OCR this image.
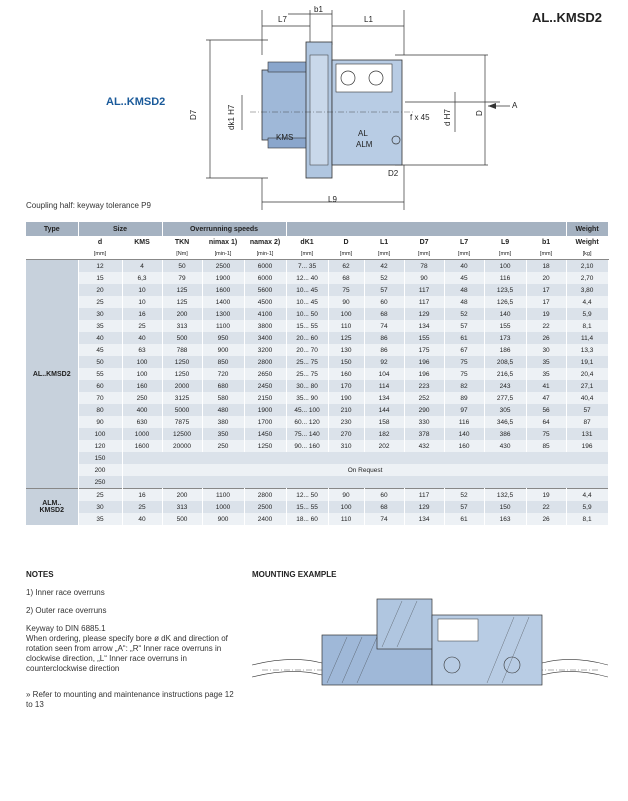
AL..KMSD2
AL..KMSD2
L7
b1
L1
D7	dk1 H7	d H7	D
A
f x 45
KMS	AL
ALM
D2
L9
Coupling half: keyway tolerance P9
Type	Size		Overrunning speeds										Weight
	d	KMS	TKN	nimax 1)	namax 2)	dK1	D	L1	D7	L7	L9	b1	Weight
	[mm]		[Nm]	[min-1]	[min-1]	[mm]	[mm]	[mm]	[mm]	[mm]	[mm]	[mm]	[kg]
AL..KMSD2	12	4	50	2500	6000	7... 35	62	42	78	40	100	18	2,10
	15	6,3	79	1900	6000	12... 40	68	52	90	45	116	20	2,70
	20	10	125	1600	5600	10... 45	75	57	117	48	123,5	17	3,80
	25	10	125	1400	4500	10... 45	90	60	117	48	126,5	17	4,4
	30	16	200	1300	4100	10... 50	100	68	129	52	140	19	5,9
	35	25	313	1100	3800	15... 55	110	74	134	57	155	22	8,1
	40	40	500	950	3400	20... 60	125	86	155	61	173	26	11,4
	45	63	788	900	3200	20... 70	130	86	175	67	186	30	13,3
	50	100	1250	850	2800	25... 75	150	92	196	75	208,5	35	19,1
	55	100	1250	720	2650	25... 75	160	104	196	75	216,5	35	20,4
	60	160	2000	680	2450	30... 80	170	114	223	82	243	41	27,1
	70	250	3125	580	2150	35... 90	190	134	252	89	277,5	47	40,4
	80	400	5000	480	1900	45... 100	210	144	290	97	305	56	57
	90	630	7875	380	1700	60... 120	230	158	330	116	346,5	64	87
	100	1000	12500	350	1450	75... 140	270	182	378	140	386	75	131
	120	1600	20000	250	1250	90... 160	310	202	432	160	430	85	196
	150												
	200	On Request											
	250												
ALM..
KMSD2	25	16	200	1100	2800	12... 50	90	60	117	52	132,5	19	4,4
	30	25	313	1000	2500	15... 55	100	68	129	57	150	22	5,9
	35	40	500	900	2400	18... 60	110	74	134	61	163	26	8,1
NOTES
1) Inner race overruns
2) Outer race overruns
Keyway to DIN 6885.1
When ordering, please specify bore ø dK and direction of rotation seen from arrow „A“: „R“ Inner race overruns in clockwise direction, „L“ Inner race overruns in counterclockwise direction
» Refer to mounting and maintenance instructions page 12 to 13
MOUNTING EXAMPLE
